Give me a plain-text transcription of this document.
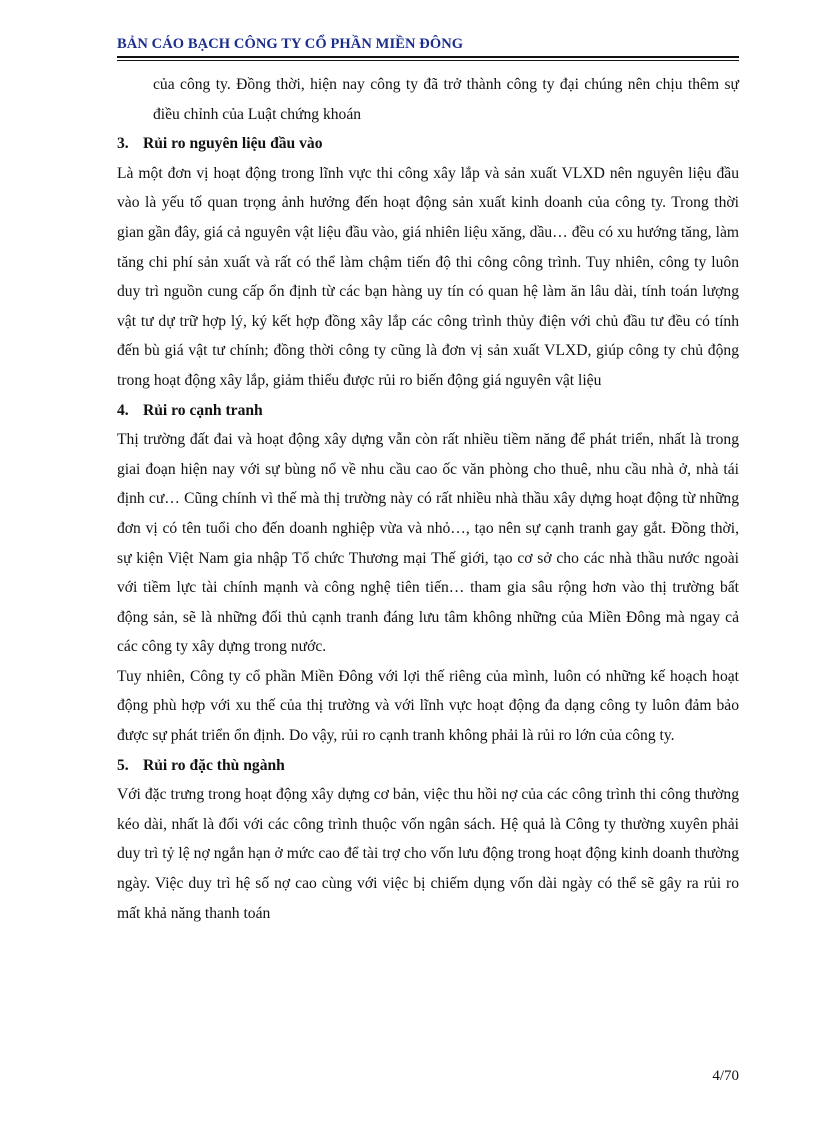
BẢN CÁO BẠCH CÔNG TY CỔ PHẦN MIỀN ĐÔNG

của công ty. Đồng thời, hiện nay công ty đã trở thành công ty đại chúng nên chịu thêm sự điều chỉnh của Luật chứng khoán

3. Rủi ro nguyên liệu đầu vào

Là một đơn vị hoạt động trong lĩnh vực thi công xây lắp và sản xuất VLXD nên nguyên liệu đầu vào là yếu tố quan trọng ảnh hưởng đến hoạt động sản xuất kinh doanh của công ty. Trong thời gian gần đây, giá cả nguyên vật liệu đầu vào, giá nhiên liệu xăng, dầu… đều có xu hướng tăng, làm tăng chi phí sản xuất và rất có thể làm chậm tiến độ thi công công trình. Tuy nhiên, công ty luôn duy trì nguồn cung cấp ổn định từ các bạn hàng uy tín có quan hệ làm ăn lâu dài, tính toán lượng vật tư dự trữ hợp lý, ký kết hợp đồng xây lắp các công trình thủy điện với chủ đầu tư đều có tính đến bù giá vật tư chính; đồng thời công ty cũng là đơn vị sản xuất VLXD, giúp công ty chủ động trong hoạt động xây lắp, giảm thiểu được rủi ro biến động giá nguyên vật liệu

4. Rủi ro cạnh tranh

Thị trường đất đai và hoạt động xây dựng vẫn còn rất nhiều tiềm năng để phát triển, nhất là trong giai đoạn hiện nay với sự bùng nổ về nhu cầu cao ốc văn phòng cho thuê, nhu cầu nhà ở, nhà tái định cư… Cũng chính vì thế mà thị trường này có rất nhiều nhà thầu xây dựng hoạt động từ những đơn vị có tên tuổi cho đến doanh nghiệp vừa và nhỏ…, tạo nên sự cạnh tranh gay gắt. Đồng thời, sự kiện Việt Nam gia nhập Tổ chức Thương mại Thế giới, tạo cơ sở cho các nhà thầu nước ngoài với tiềm lực tài chính mạnh và công nghệ tiên tiến… tham gia sâu rộng hơn vào thị trường bất động sản, sẽ là những đối thủ cạnh tranh đáng lưu tâm không những của Miền Đông mà ngay cả các công ty xây dựng trong nước.

Tuy nhiên, Công ty cổ phần Miền Đông với lợi thế riêng của mình, luôn có những kế hoạch hoạt động phù hợp với xu thế của thị trường và với lĩnh vực hoạt động đa dạng công ty luôn đảm bảo được sự phát triển ổn định. Do vậy, rủi ro cạnh tranh không phải là rủi ro lớn của công ty.

5. Rủi ro đặc thù ngành

Với đặc trưng trong hoạt động xây dựng cơ bản, việc thu hồi nợ của các công trình thi công thường kéo dài, nhất là đối với các công trình thuộc vốn ngân sách. Hệ quả là Công ty thường xuyên phải duy trì tỷ lệ nợ ngắn hạn ở mức cao để tài trợ cho vốn lưu động trong hoạt động kinh doanh thường ngày. Việc duy trì hệ số nợ cao cùng với việc bị chiếm dụng vốn dài ngày có thể sẽ gây ra rủi ro mất khả năng thanh toán

4/70
